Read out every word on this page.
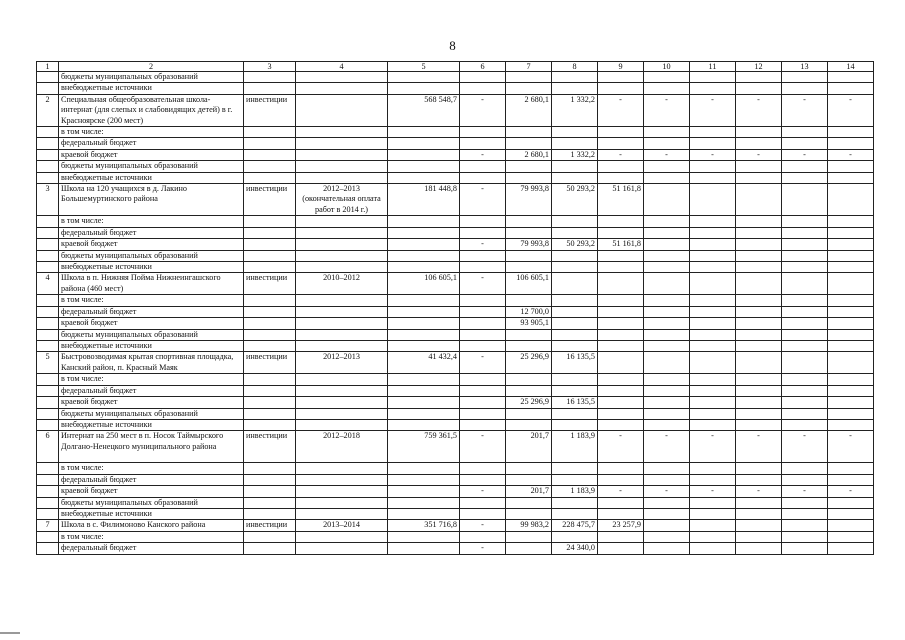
8
1	2	3	4	5	6	7	8	9	10	11	12	13	14
	бюджеты муниципальных образований												
	внебюджетные источники												
2	Специальная общеобразовательная школа-интернат (для слепых и слабовидящих детей) в г. Красноярске (200 мест)	инвестиции		568 548,7	-	2 680,1	1 332,2	-	-	-	-	-	-
	в том числе:												
	федеральный бюджет												
	краевой бюджет				-	2 680,1	1 332,2	-	-	-	-	-	-
	бюджеты муниципальных образований												
	внебюджетные источники												
3	Школа на 120 учащихся в д. Лакино Большемуртинского района	инвестиции	2012–2013 (окончательная оплата работ в 2014 г.)	181 448,8	-	79 993,8	50 293,2	51 161,8					
	в том числе:												
	федеральный бюджет												
	краевой бюджет				-	79 993,8	50 293,2	51 161,8					
	бюджеты муниципальных образований												
	внебюджетные источники												
4	Школа в п. Нижняя Пойма Нижнеингашского района (460 мест)	инвестиции	2010–2012	106 605,1	-	106 605,1							
	в том числе:												
	федеральный бюджет					12 700,0							
	краевой бюджет					93 905,1							
	бюджеты муниципальных образований												
	внебюджетные источники												
5	Быстровозводимая крытая спортивная площадка, Канский район, п. Красный Маяк	инвестиции	2012–2013	41 432,4	-	25 296,9	16 135,5						
	в том числе:												
	федеральный бюджет												
	краевой бюджет					25 296,9	16 135,5						
	бюджеты муниципальных образований												
	внебюджетные источники												
6	Интернат на 250 мест в п. Носок Таймырского Долгано-Ненецкого муниципального района	инвестиции	2012–2018	759 361,5	-	201,7	1 183,9	-	-	-	-	-	-
	в том числе:												
	федеральный бюджет												
	краевой бюджет				-	201,7	1 183,9	-	-	-	-	-	-
	бюджеты муниципальных образований												
	внебюджетные источники												
7	Школа в с. Филимоново Канского района	инвестиции	2013–2014	351 716,8	-	99 983,2	228 475,7	23 257,9					
	в том числе:												
	федеральный бюджет				-		24 340,0						
